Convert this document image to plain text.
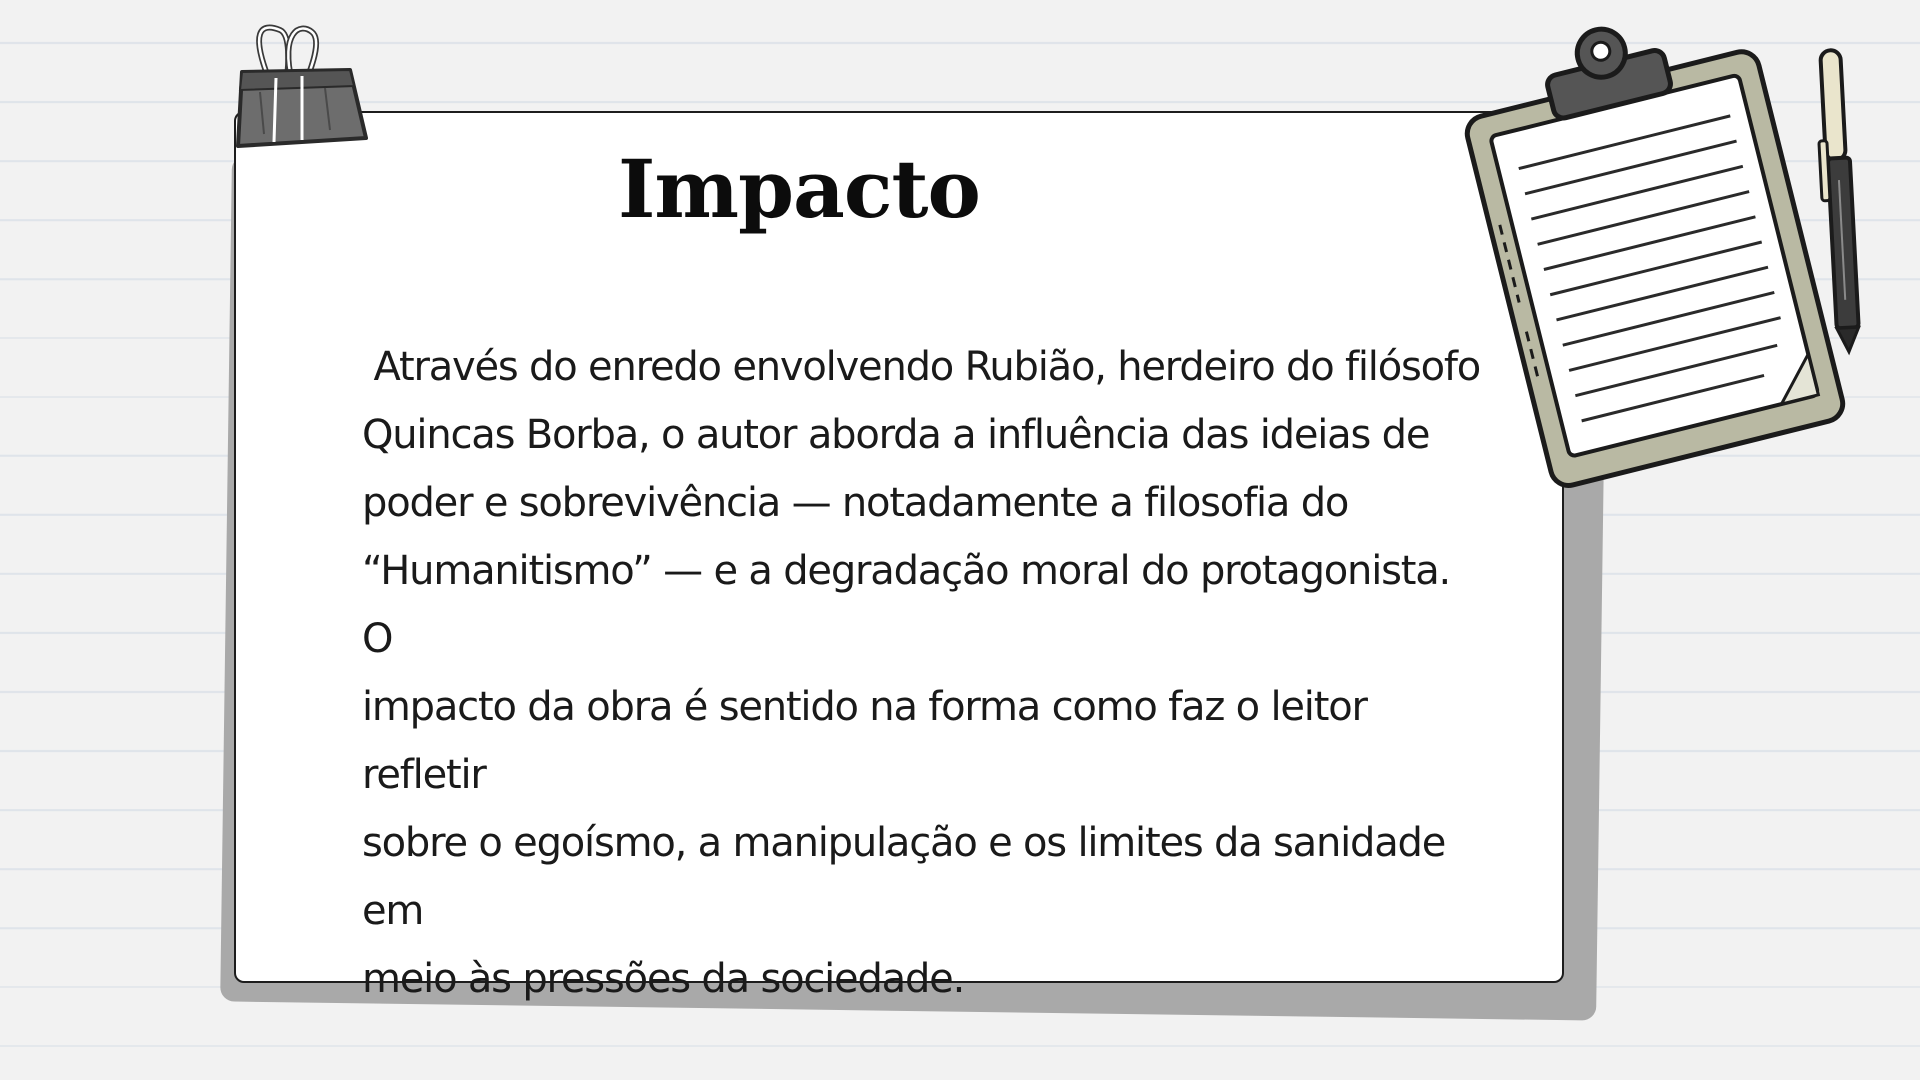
Impacto

Através do enredo envolvendo Rubião, herdeiro do filósofo
Quincas Borba, o autor aborda a influência das ideias de
poder e sobrevivência — notadamente a filosofia do
“Humanitismo” — e a degradação moral do protagonista. O
impacto da obra é sentido na forma como faz o leitor refletir
sobre o egoísmo, a manipulação e os limites da sanidade em
meio às pressões da sociedade.
